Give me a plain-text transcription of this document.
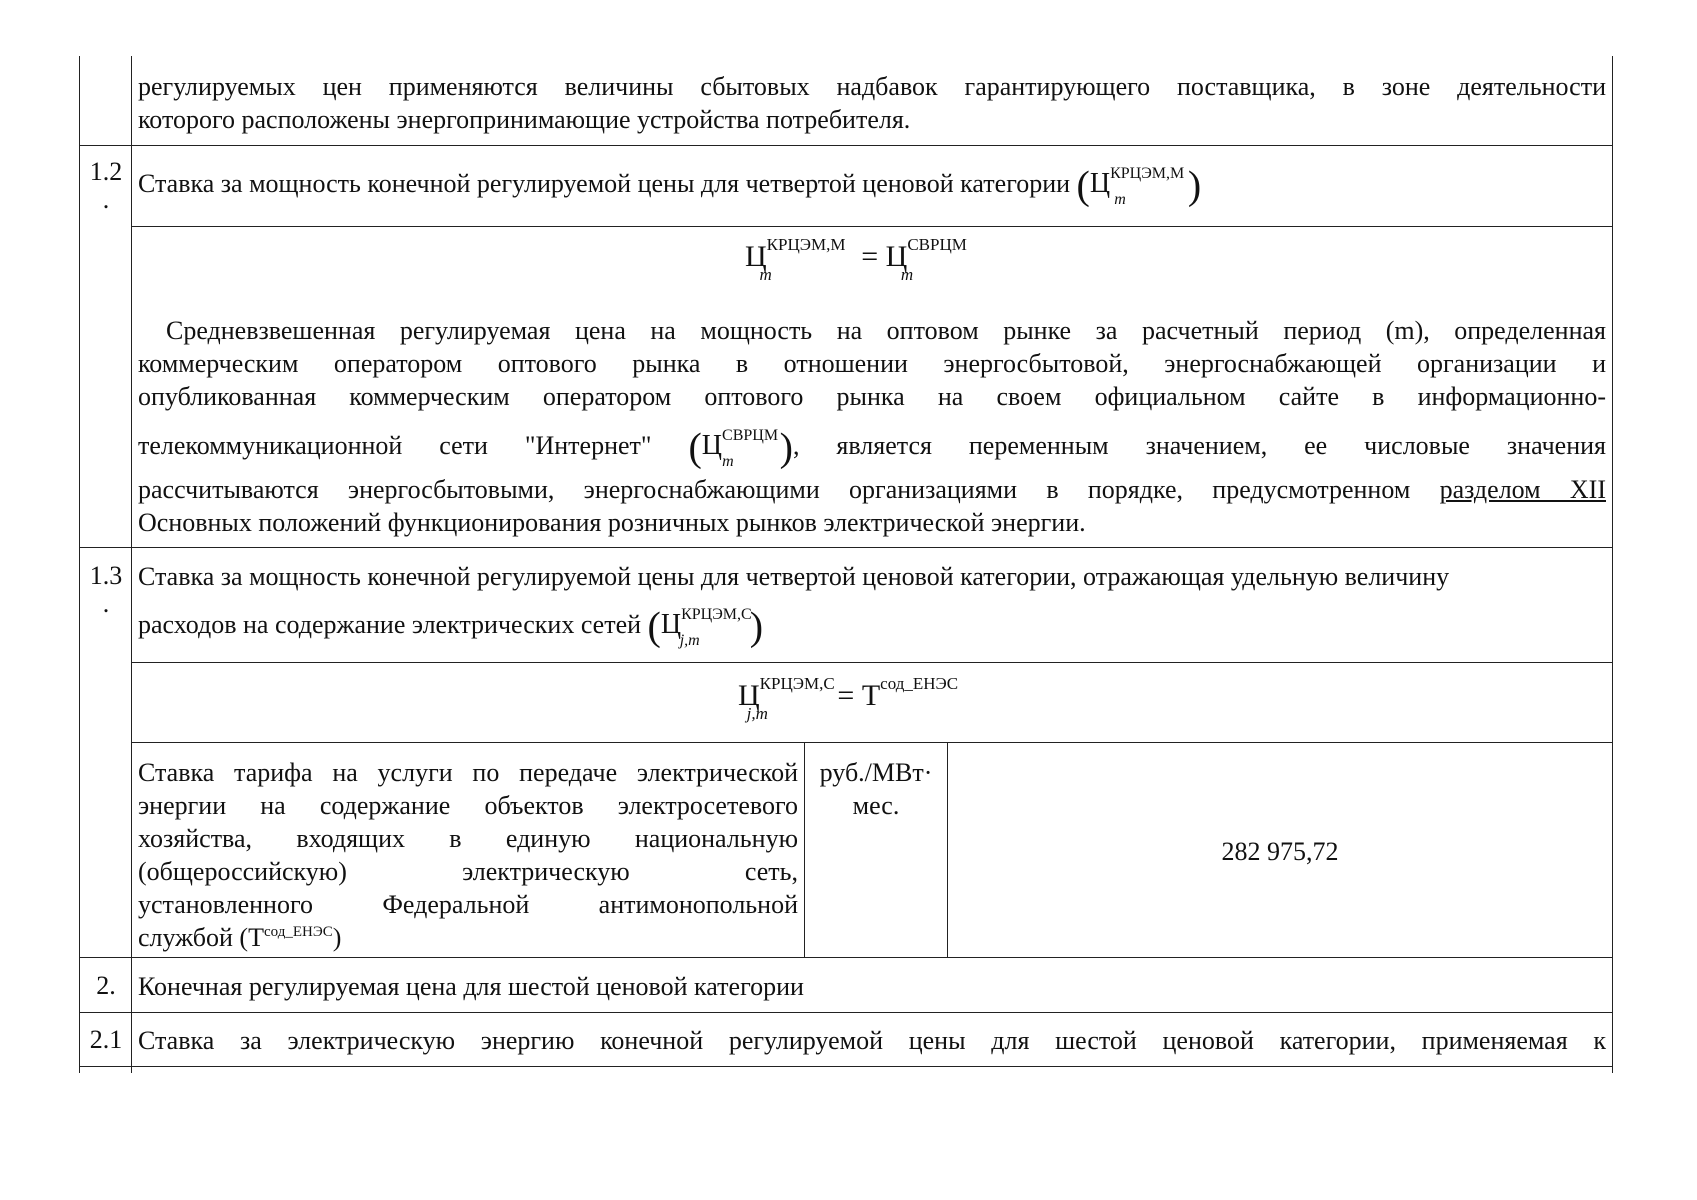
регулируемых цен применяются величины сбытовых надбавок гарантирующего поставщика, в зоне деятельности
которого расположены энергопринимающие устройства потребителя.
1.2
.
Ставка за мощность конечной регулируемой цены для четвертой ценовой категории ($Ц^{КРЦЭМ,М}_m$ )
$Ц^{КРЦЭМ,М}_m = Ц^{СВРЦМ}_m$
Средневзвешенная регулируемая цена на мощность на оптовом рынке за расчетный период (m), определенная
коммерческим оператором оптового рынка в отношении энергосбытовой, энергоснабжающей организации и
опубликованная коммерческим оператором оптового рынка на своем официальном сайте в информационно-
телекоммуникационной сети "Интернет" ($Ц^{СВРЦМ}_m$ ), является переменным значением, ее числовые значения
рассчитываются энергосбытовыми, энергоснабжающими организациями в порядке, предусмотренном разделом XII
Основных положений функционирования розничных рынков электрической энергии.
1.3
.
Ставка за мощность конечной регулируемой цены для четвертой ценовой категории, отражающая удельную величину
расходов на содержание электрических сетей ($Ц^{КРЦЭМ,С}_{j,m}$ )
$Ц^{КРЦЭМ,С}_{j,m} = Т^{сод\_ЕНЭС}$
Ставка тарифа на услуги по передаче электрической
энергии на содержание объектов электросетевого
хозяйства, входящих в единую национальную
(общероссийскую) электрическую сеть,
установленного Федеральной антимонопольной
службой $(Т^{сод\_ЕНЭС})$
руб./МВт·
мес.
282 975,72
2. Конечная регулируемая цена для шестой ценовой категории
2.1 Ставка за электрическую энергию конечной регулируемой цены для шестой ценовой категории, применяемая к
